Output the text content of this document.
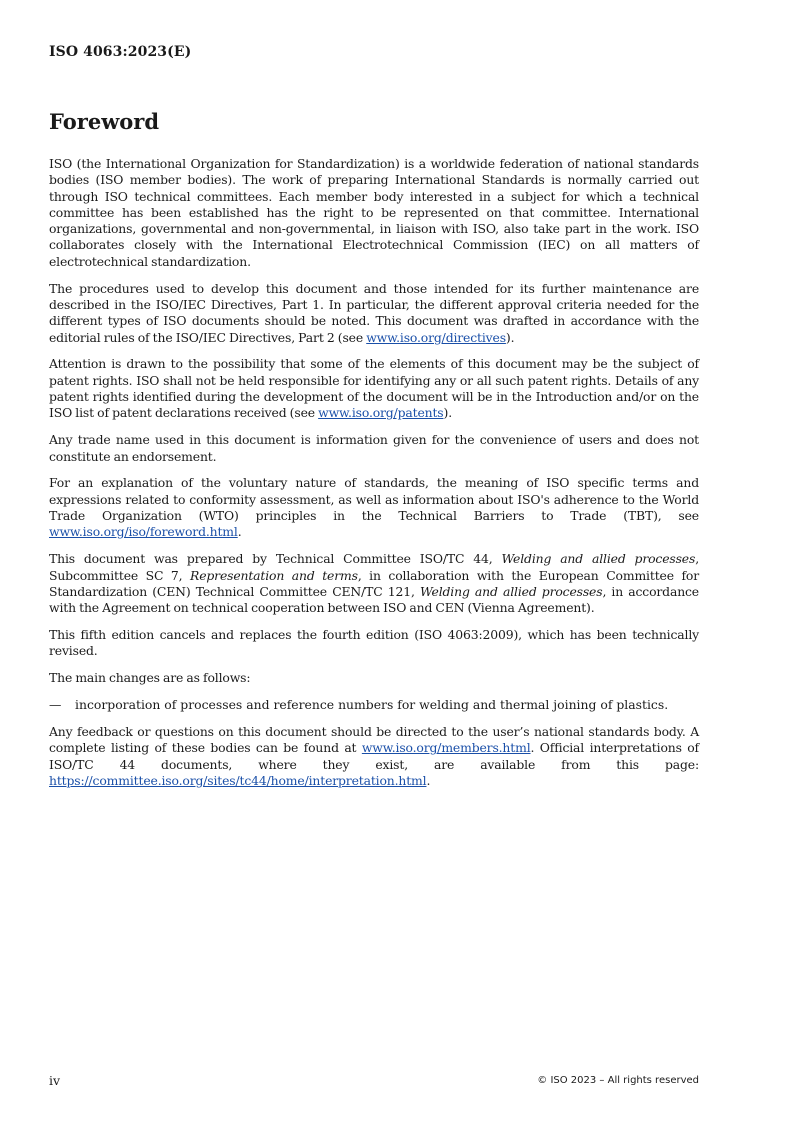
ISO 4063:2023(E)
Foreword

ISO (the International Organization for Standardization) is a worldwide federation of national standards bodies (ISO member bodies). The work of preparing International Standards is normally carried out through ISO technical committees. Each member body interested in a subject for which a technical committee has been established has the right to be represented on that committee. International organizations, governmental and non-governmental, in liaison with ISO, also take part in the work. ISO collaborates closely with the International Electrotechnical Commission (IEC) on all matters of electrotechnical standardization.

The procedures used to develop this document and those intended for its further maintenance are described in the ISO/IEC Directives, Part 1. In particular, the different approval criteria needed for the different types of ISO documents should be noted. This document was drafted in accordance with the editorial rules of the ISO/IEC Directives, Part 2 (see www.iso.org/directives).

Attention is drawn to the possibility that some of the elements of this document may be the subject of patent rights. ISO shall not be held responsible for identifying any or all such patent rights. Details of any patent rights identified during the development of the document will be in the Introduction and/or on the ISO list of patent declarations received (see www.iso.org/patents).

Any trade name used in this document is information given for the convenience of users and does not constitute an endorsement.

For an explanation of the voluntary nature of standards, the meaning of ISO specific terms and expressions related to conformity assessment, as well as information about ISO's adherence to the World Trade Organization (WTO) principles in the Technical Barriers to Trade (TBT), see www.iso.org/iso/foreword.html.

This document was prepared by Technical Committee ISO/TC 44, Welding and allied processes, Subcommittee SC 7, Representation and terms, in collaboration with the European Committee for Standardization (CEN) Technical Committee CEN/TC 121, Welding and allied processes, in accordance with the Agreement on technical cooperation between ISO and CEN (Vienna Agreement).

This fifth edition cancels and replaces the fourth edition (ISO 4063:2009), which has been technically revised.

The main changes are as follows:

—	incorporation of processes and reference numbers for welding and thermal joining of plastics.

Any feedback or questions on this document should be directed to the user’s national standards body. A complete listing of these bodies can be found at www.iso.org/members.html. Official interpretations of ISO/TC 44 documents, where they exist, are available from this page: https://committee.iso.org/sites/tc44/home/interpretation.html.

iv	© ISO 2023 – All rights reserved
